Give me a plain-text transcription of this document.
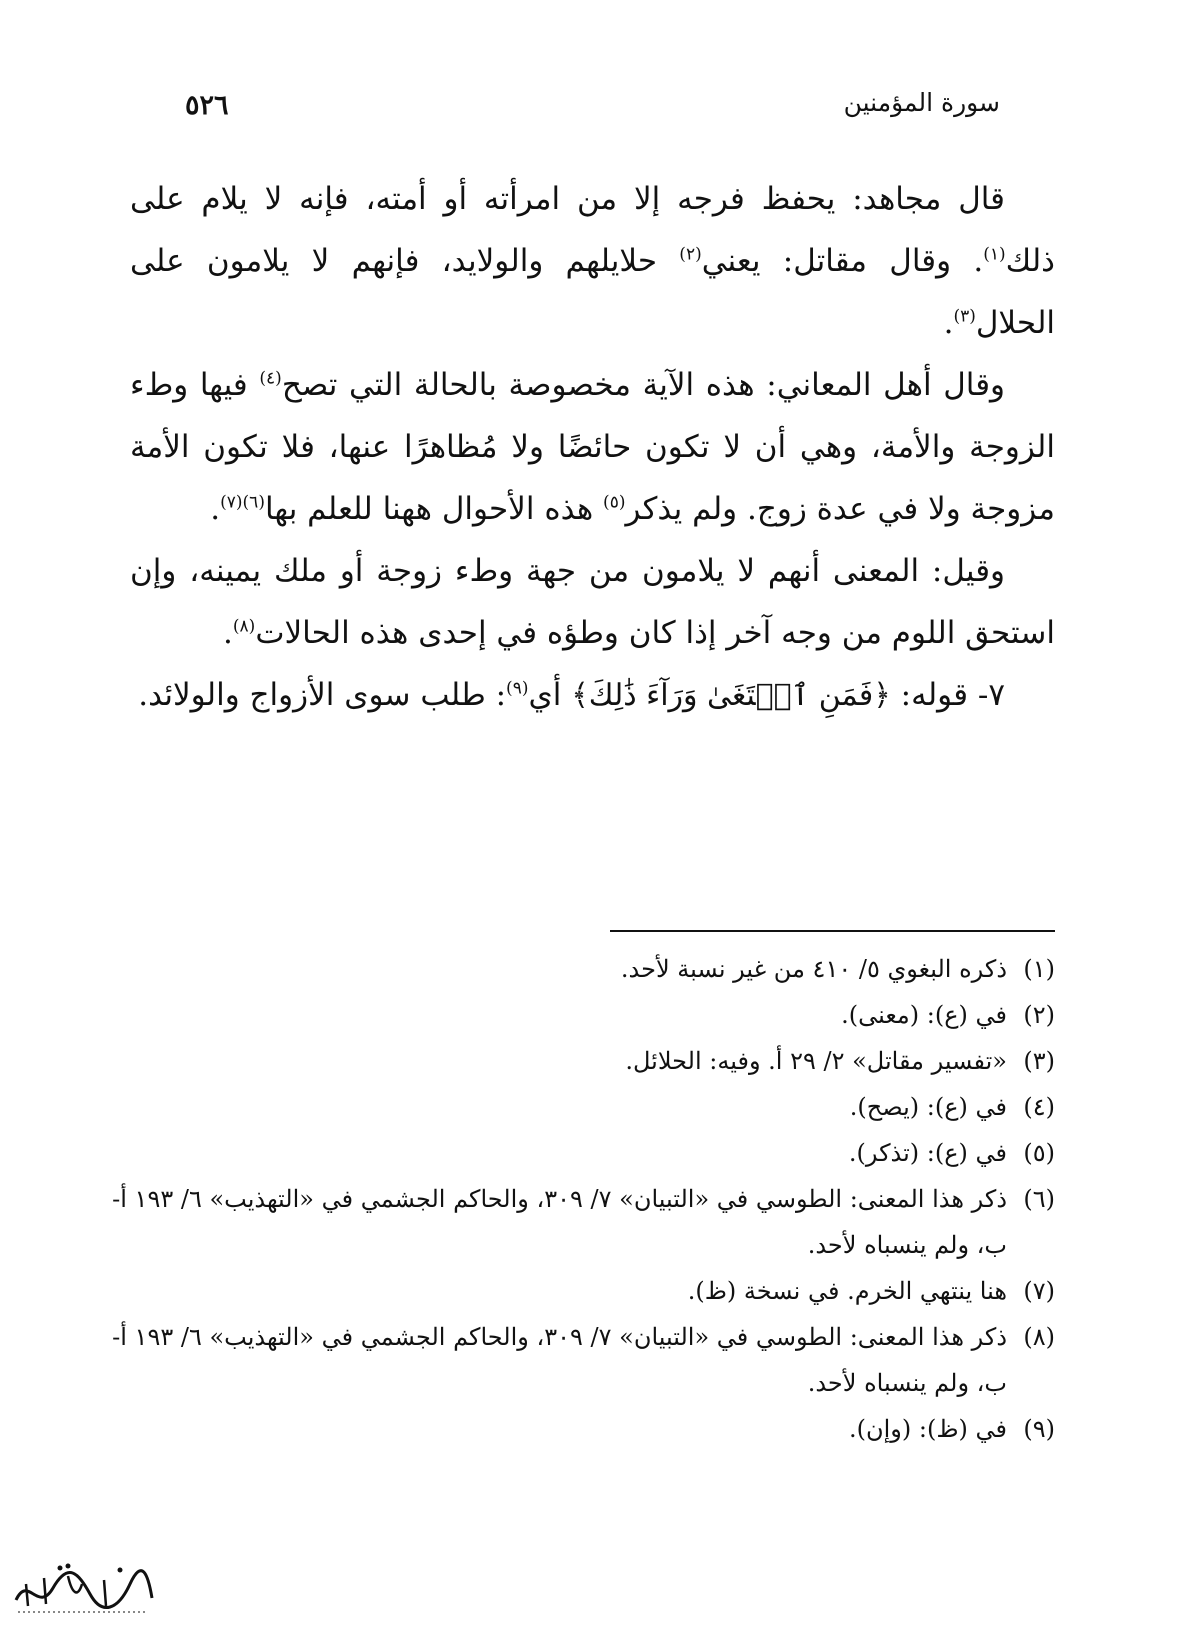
سورة المؤمنين
٥٢٦

قال مجاهد: يحفظ فرجه إلا من امرأته أو أمته، فإنه لا يلام على ذلك$^{(١)}$. وقال مقاتل: يعني$^{(٢)}$ حلايلهم والولايد، فإنهم لا يلامون على الحلال$^{(٣)}$.

وقال أهل المعاني: هذه الآية مخصوصة بالحالة التي تصح$^{(٤)}$ فيها وطء الزوجة والأمة، وهي أن لا تكون حائضًا ولا مُظاهرًا عنها، فلا تكون الأمة مزوجة ولا في عدة زوج. ولم يذكر$^{(٥)}$ هذه الأحوال ههنا للعلم بها$^{(٦)(٧)}$.

وقيل: المعنى أنهم لا يلامون من جهة وطء زوجة أو ملك يمينه، وإن استحق اللوم من وجه آخر إذا كان وطؤه في إحدى هذه الحالات$^{(٨)}$.

٧- قوله: ﴿فَمَنِ ٱبۡتَغَىٰ وَرَآءَ ذَٰلِكَ﴾ أي$^{(٩)}$: طلب سوى الأزواج والولائد.

(١)
ذكره البغوي ٥/ ٤١٠ من غير نسبة لأحد.
(٢)
في (ع): (معنى).
(٣)
«تفسير مقاتل» ٢/ ٢٩ أ. وفيه: الحلائل.
(٤)
في (ع): (يصح).
(٥)
في (ع): (تذكر).
(٦)
ذكر هذا المعنى: الطوسي في «التبيان» ٧/ ٣٠٩، والحاكم الجشمي في «التهذيب» ٦/ ١٩٣ أ- ب، ولم ينسباه لأحد.
(٧)
هنا ينتهي الخرم. في نسخة (ظ).
(٨)
ذكر هذا المعنى: الطوسي في «التبيان» ٧/ ٣٠٩، والحاكم الجشمي في «التهذيب» ٦/ ١٩٣ أ- ب، ولم ينسباه لأحد.
(٩)
في (ظ): (وإن).
